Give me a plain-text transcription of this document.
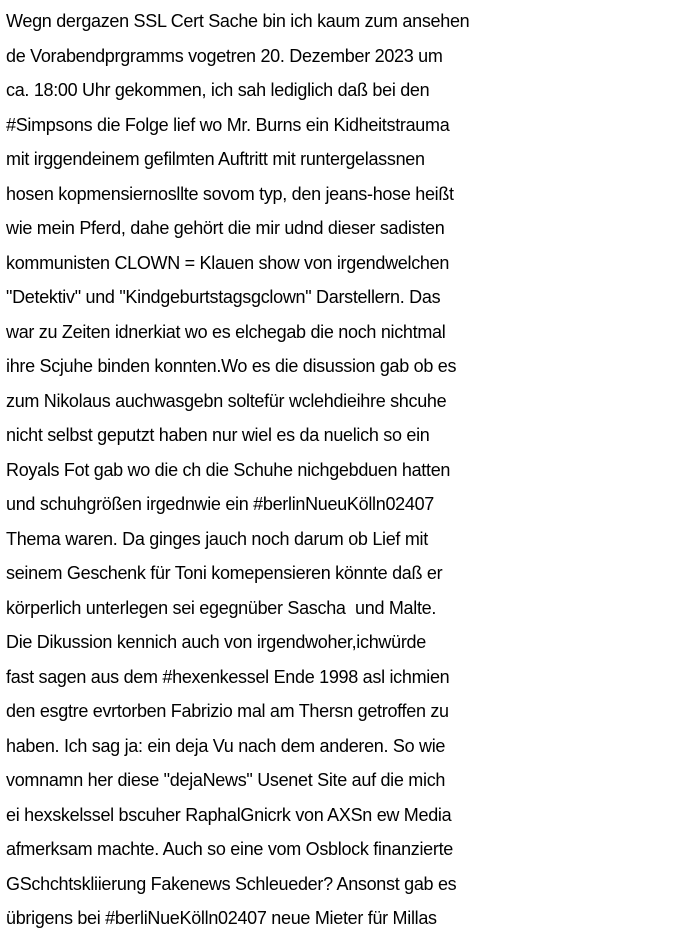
Wegn dergazen SSL Cert Sache bin ich kaum zum ansehen
de Vorabendprgramms vogetren 20. Dezember 2023 um
ca. 18:00 Uhr gekommen, ich sah lediglich daß bei den
#Simpsons die Folge lief wo Mr. Burns ein Kidheitstrauma
mit irggendeinem gefilmten Auftritt mit runtergelassnen
hosen kopmensiernosllte sovom typ, den jeans-hose heißt
wie mein Pferd, dahe gehört die mir udnd dieser sadisten
kommunisten CLOWN = Klauen show von irgendwelchen
"Detektiv" und "Kindgeburtstagsgclown" Darstellern. Das
war zu Zeiten idnerkiat wo es elchegab die noch nichtmal
ihre Scjuhe binden konnten.Wo es die disussion gab ob es
zum Nikolaus auchwasgebn soltefür wclehdieihre shcuhe
nicht selbst geputzt haben nur wiel es da nuelich so ein
Royals Fot gab wo die ch die Schuhe nichgebduen hatten
und schuhgrößen irgednwie ein #berlinNueuKölln02407
Thema waren. Da ginges jauch noch darum ob Lief mit
seinem Geschenk für Toni komepensieren könnte daß er
körperlich unterlegen sei egegnüber Sascha  und Malte.
Die Dikussion kennich auch von irgendwoher,ichwürde
fast sagen aus dem #hexenkessel Ende 1998 asl ichmien
den esgtre evrtorben Fabrizio mal am Thersn getroffen zu
haben. Ich sag ja: ein deja Vu nach dem anderen. So wie
vomnamn her diese "dejaNews" Usenet Site auf die mich
ei hexskelssel bscuher RaphalGnicrk von AXSn ew Media
afmerksam machte. Auch so eine vom Osblock finanzierte
GSchchtskliierung Fakenews Schleueder? Ansonst gab es
übrigens bei #berliNueKölln02407 neue Mieter für Millas
